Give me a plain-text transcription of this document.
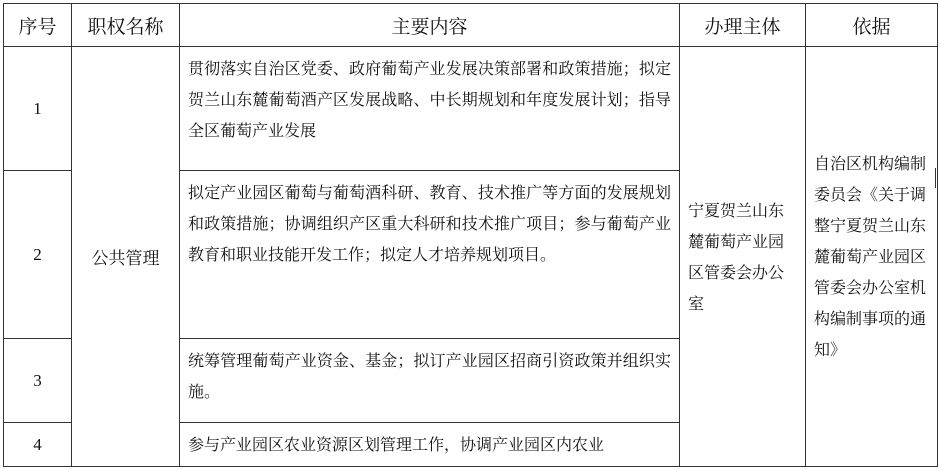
序号	职权名称	主要内容	办理主体	依据
1	公共管理	贯彻落实自治区党委、政府葡萄产业发展决策部署和政策措施；拟定贺兰山东麓葡萄酒产区发展战略、中长期规划和年度发展计划；指导全区葡萄产业发展	宁夏贺兰山东麓葡萄产业园区管委会办公室	自治区机构编制委员会《关于调整宁夏贺兰山东麓葡萄产业园区管委会办公室机构编制事项的通知》
2		拟定产业园区葡萄与葡萄酒科研、教育、技术推广等方面的发展规划和政策措施；协调组织产区重大科研和技术推广项目；参与葡萄产业教育和职业技能开发工作；拟定人才培养规划项目。		
3		统筹管理葡萄产业资金、基金；拟订产业园区招商引资政策并组织实施。		
4		参与产业园区农业资源区划管理工作，协调产业园区内农业		
